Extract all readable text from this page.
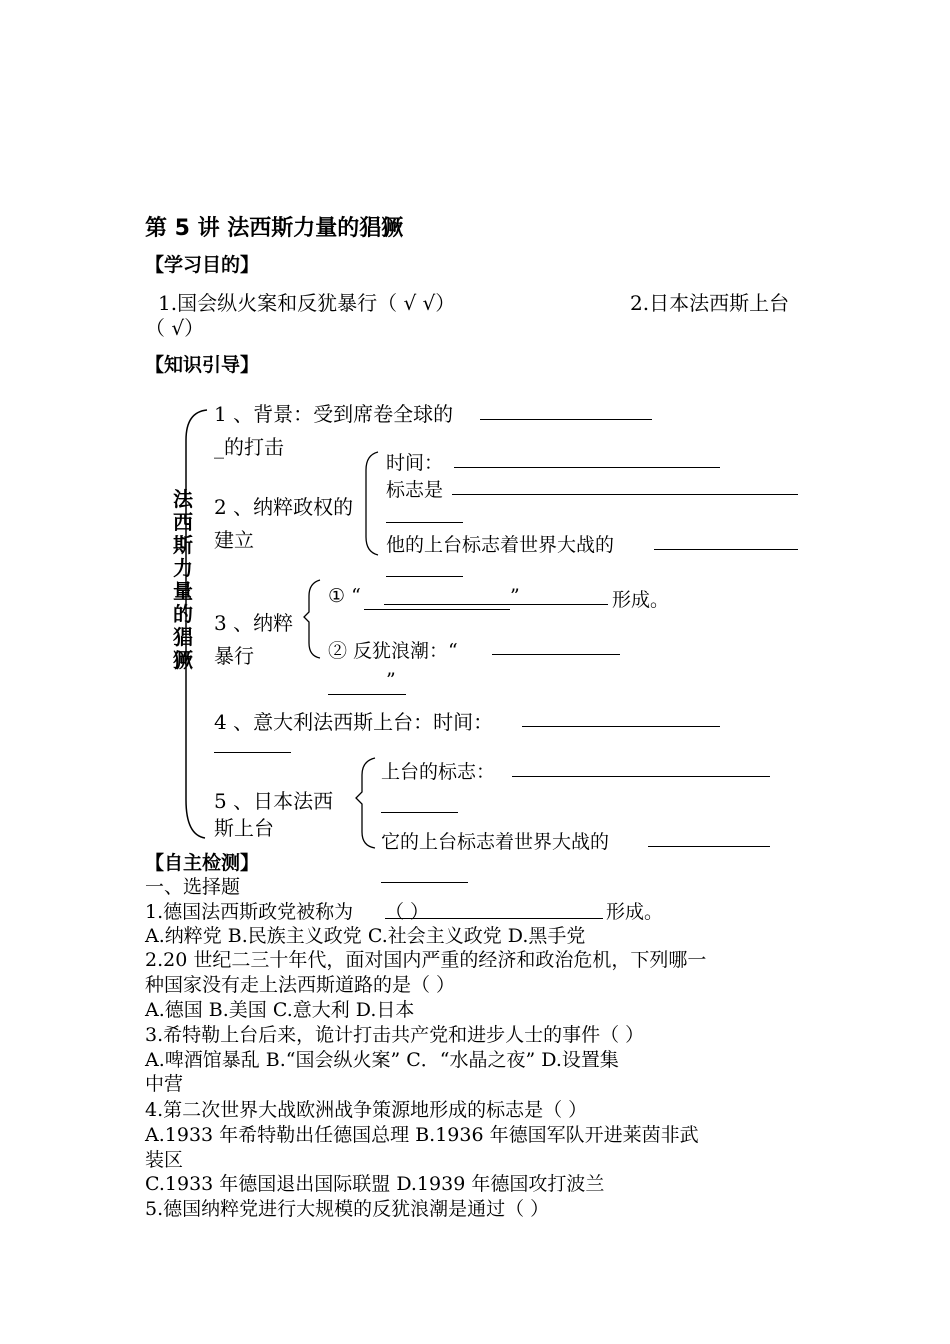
第 5 讲 法西斯力量的猖獗
【学习目的】
1.国会纵火案和反犹暴行（ √ √）	2.日本法西斯上台
（ √）
【知识引导】
法
西
斯
力
量
的
猖
獗
1 、背景：受到席卷全球的
_的打击
2 、纳粹政权的
建立
时间：
标志是
他的上台标志着世界大战的
3 、纳粹
暴行
① “	”	形成。
② 反犹浪潮：“
”
4 、意大利法西斯上台：时间：
5 、日本法西
斯上台
上台的标志：
它的上台标志着世界大战的
【自主检测】
一、选择题
1.德国法西斯政党被称为 （ ）	形成。
A.纳粹党 B.民族主义政党 C.社会主义政党 D.黑手党
2.20 世纪二三十年代，面对国内严重的经济和政治危机，下列哪一
种国家没有走上法西斯道路的是（ ）
A.德国 B.美国 C.意大利 D.日本
3.希特勒上台后来，诡计打击共产党和进步人士的事件（ ）
A.啤酒馆暴乱 B.“国会纵火案” C．“水晶之夜” D.设置集
中营
4.第二次世界大战欧洲战争策源地形成的标志是（ ）
A.1933 年希特勒出任德国总理 B.1936 年德国军队开进莱茵非武
装区
C.1933 年德国退出国际联盟 D.1939 年德国攻打波兰
5.德国纳粹党进行大规模的反犹浪潮是通过（ ）
